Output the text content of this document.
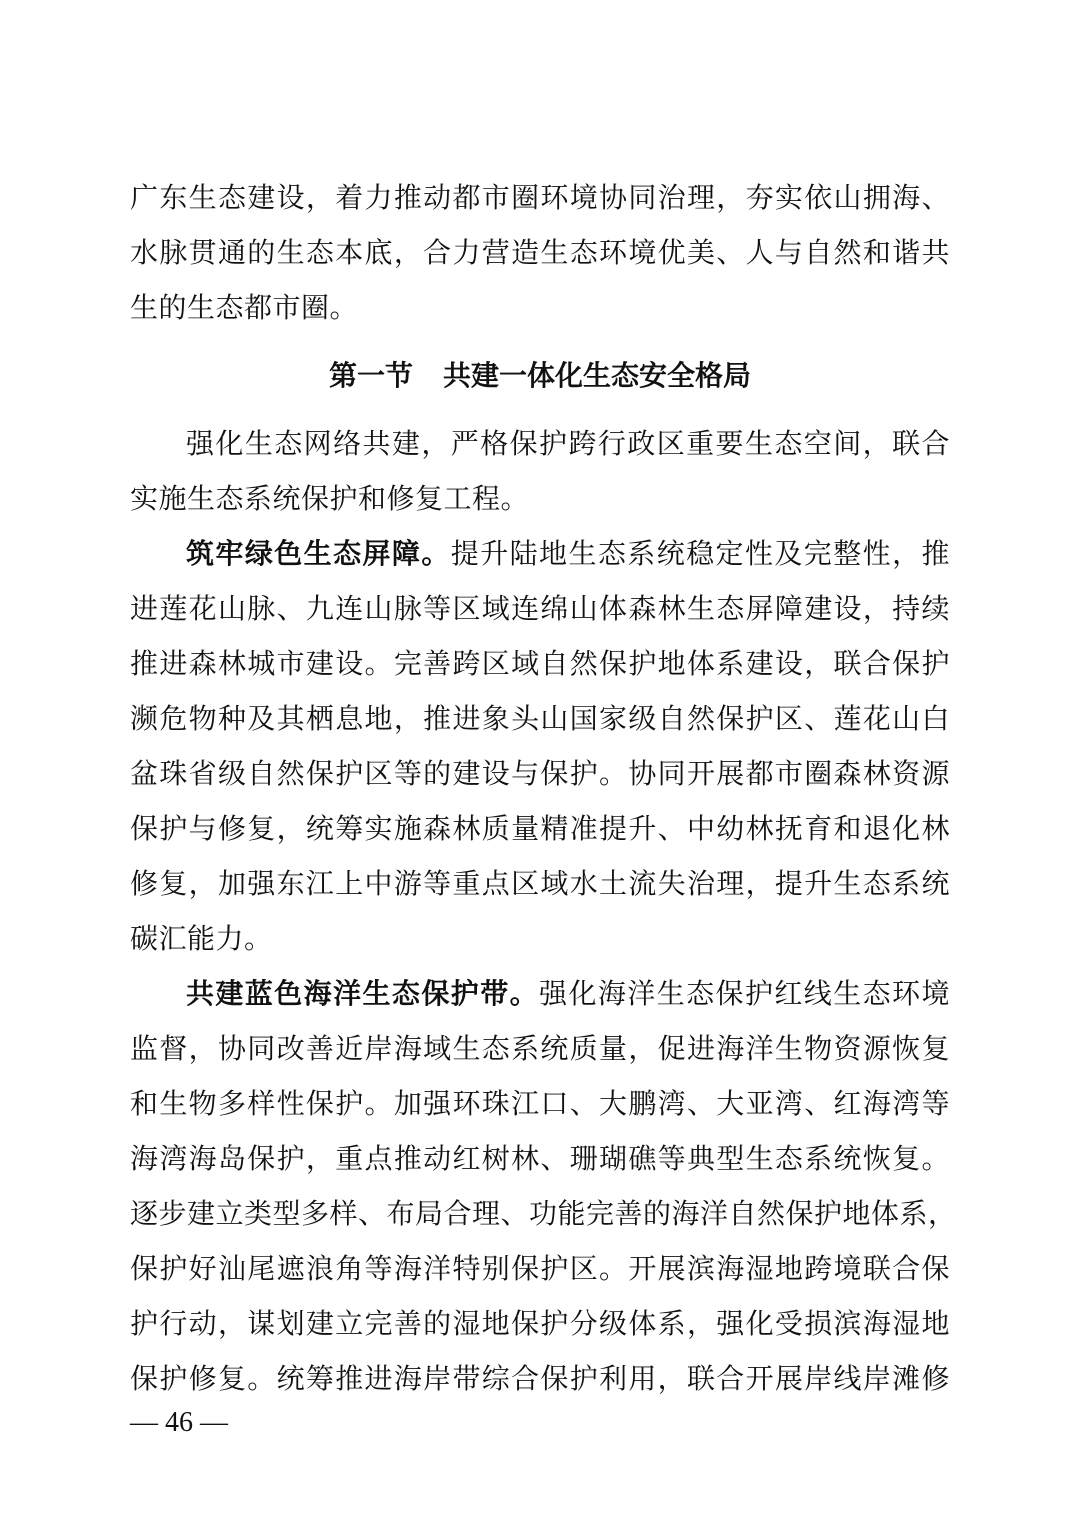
广东生态建设，着力推动都市圈环境协同治理，夯实依山拥海、
水脉贯通的生态本底，合力营造生态环境优美、人与自然和谐共
生的生态都市圈。
第一节 共建一体化生态安全格局
强化生态网络共建，严格保护跨行政区重要生态空间，联合
实施生态系统保护和修复工程。
筑牢绿色生态屏障。提升陆地生态系统稳定性及完整性，推
进莲花山脉、九连山脉等区域连绵山体森林生态屏障建设，持续
推进森林城市建设。完善跨区域自然保护地体系建设，联合保护
濒危物种及其栖息地，推进象头山国家级自然保护区、莲花山白
盆珠省级自然保护区等的建设与保护。协同开展都市圈森林资源
保护与修复，统筹实施森林质量精准提升、中幼林抚育和退化林
修复，加强东江上中游等重点区域水土流失治理，提升生态系统
碳汇能力。
共建蓝色海洋生态保护带。强化海洋生态保护红线生态环境
监督，协同改善近岸海域生态系统质量，促进海洋生物资源恢复
和生物多样性保护。加强环珠江口、大鹏湾、大亚湾、红海湾等
海湾海岛保护，重点推动红树林、珊瑚礁等典型生态系统恢复。
逐步建立类型多样、布局合理、功能完善的海洋自然保护地体系，
保护好汕尾遮浪角等海洋特别保护区。开展滨海湿地跨境联合保
护行动，谋划建立完善的湿地保护分级体系，强化受损滨海湿地
保护修复。统筹推进海岸带综合保护利用，联合开展岸线岸滩修
— 46 —
